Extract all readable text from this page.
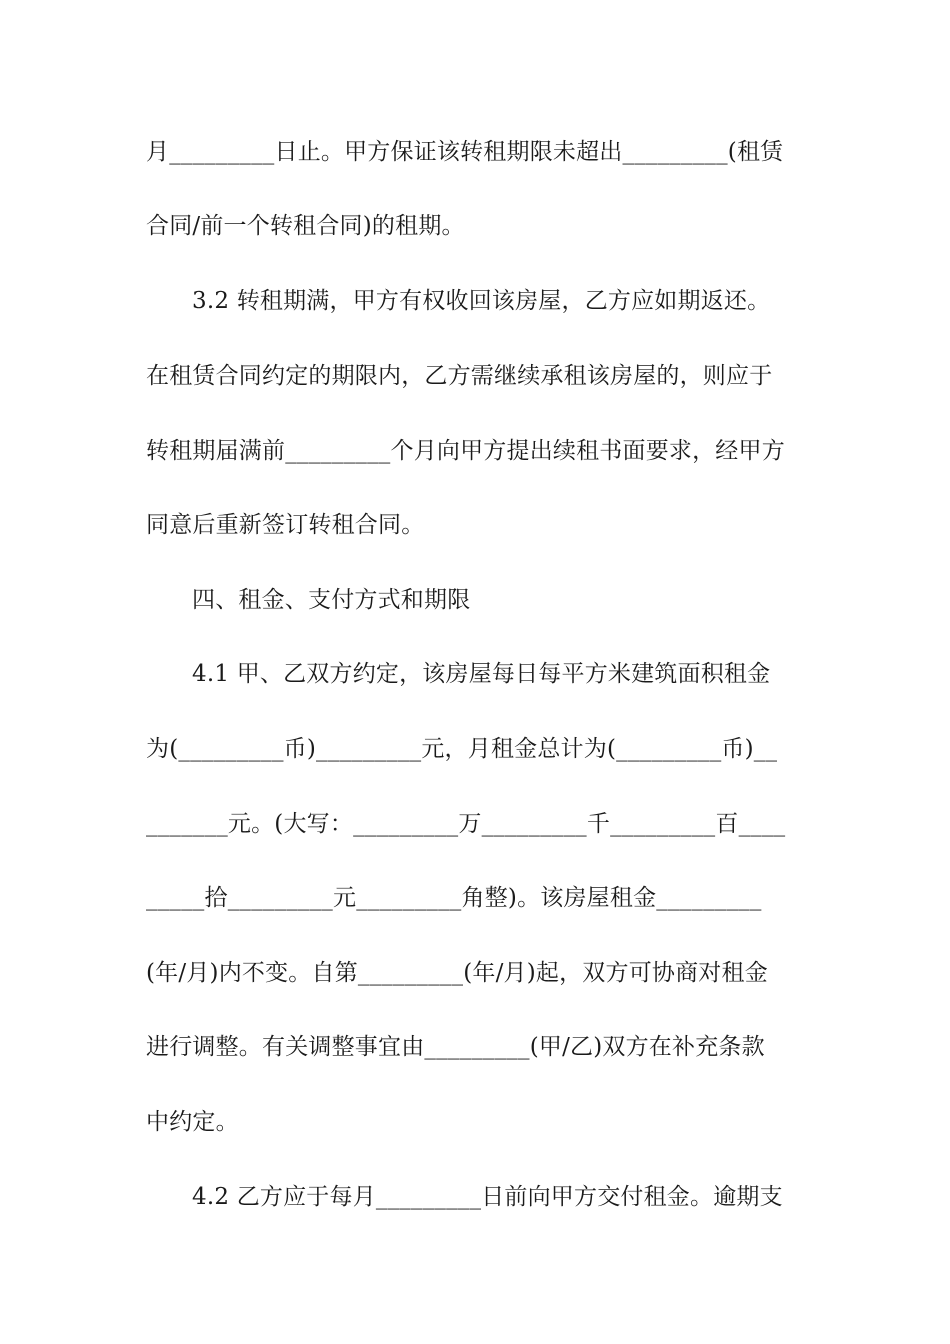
月_________日止。甲方保证该转租期限未超出_________(租赁
合同/前一个转租合同)的租期。
3.2 转租期满，甲方有权收回该房屋，乙方应如期返还。
在租赁合同约定的期限内，乙方需继续承租该房屋的，则应于
转租期届满前_________个月向甲方提出续租书面要求，经甲方
同意后重新签订转租合同。
四、租金、支付方式和期限
4.1 甲、乙双方约定，该房屋每日每平方米建筑面积租金
为(_________币)_________元，月租金总计为(_________币)__
_______元。(大写：_________万_________千_________百____
_____拾_________元_________角整)。该房屋租金_________
(年/月)内不变。自第_________(年/月)起，双方可协商对租金
进行调整。有关调整事宜由_________(甲/乙)双方在补充条款
中约定。
4.2 乙方应于每月_________日前向甲方交付租金。逾期支
